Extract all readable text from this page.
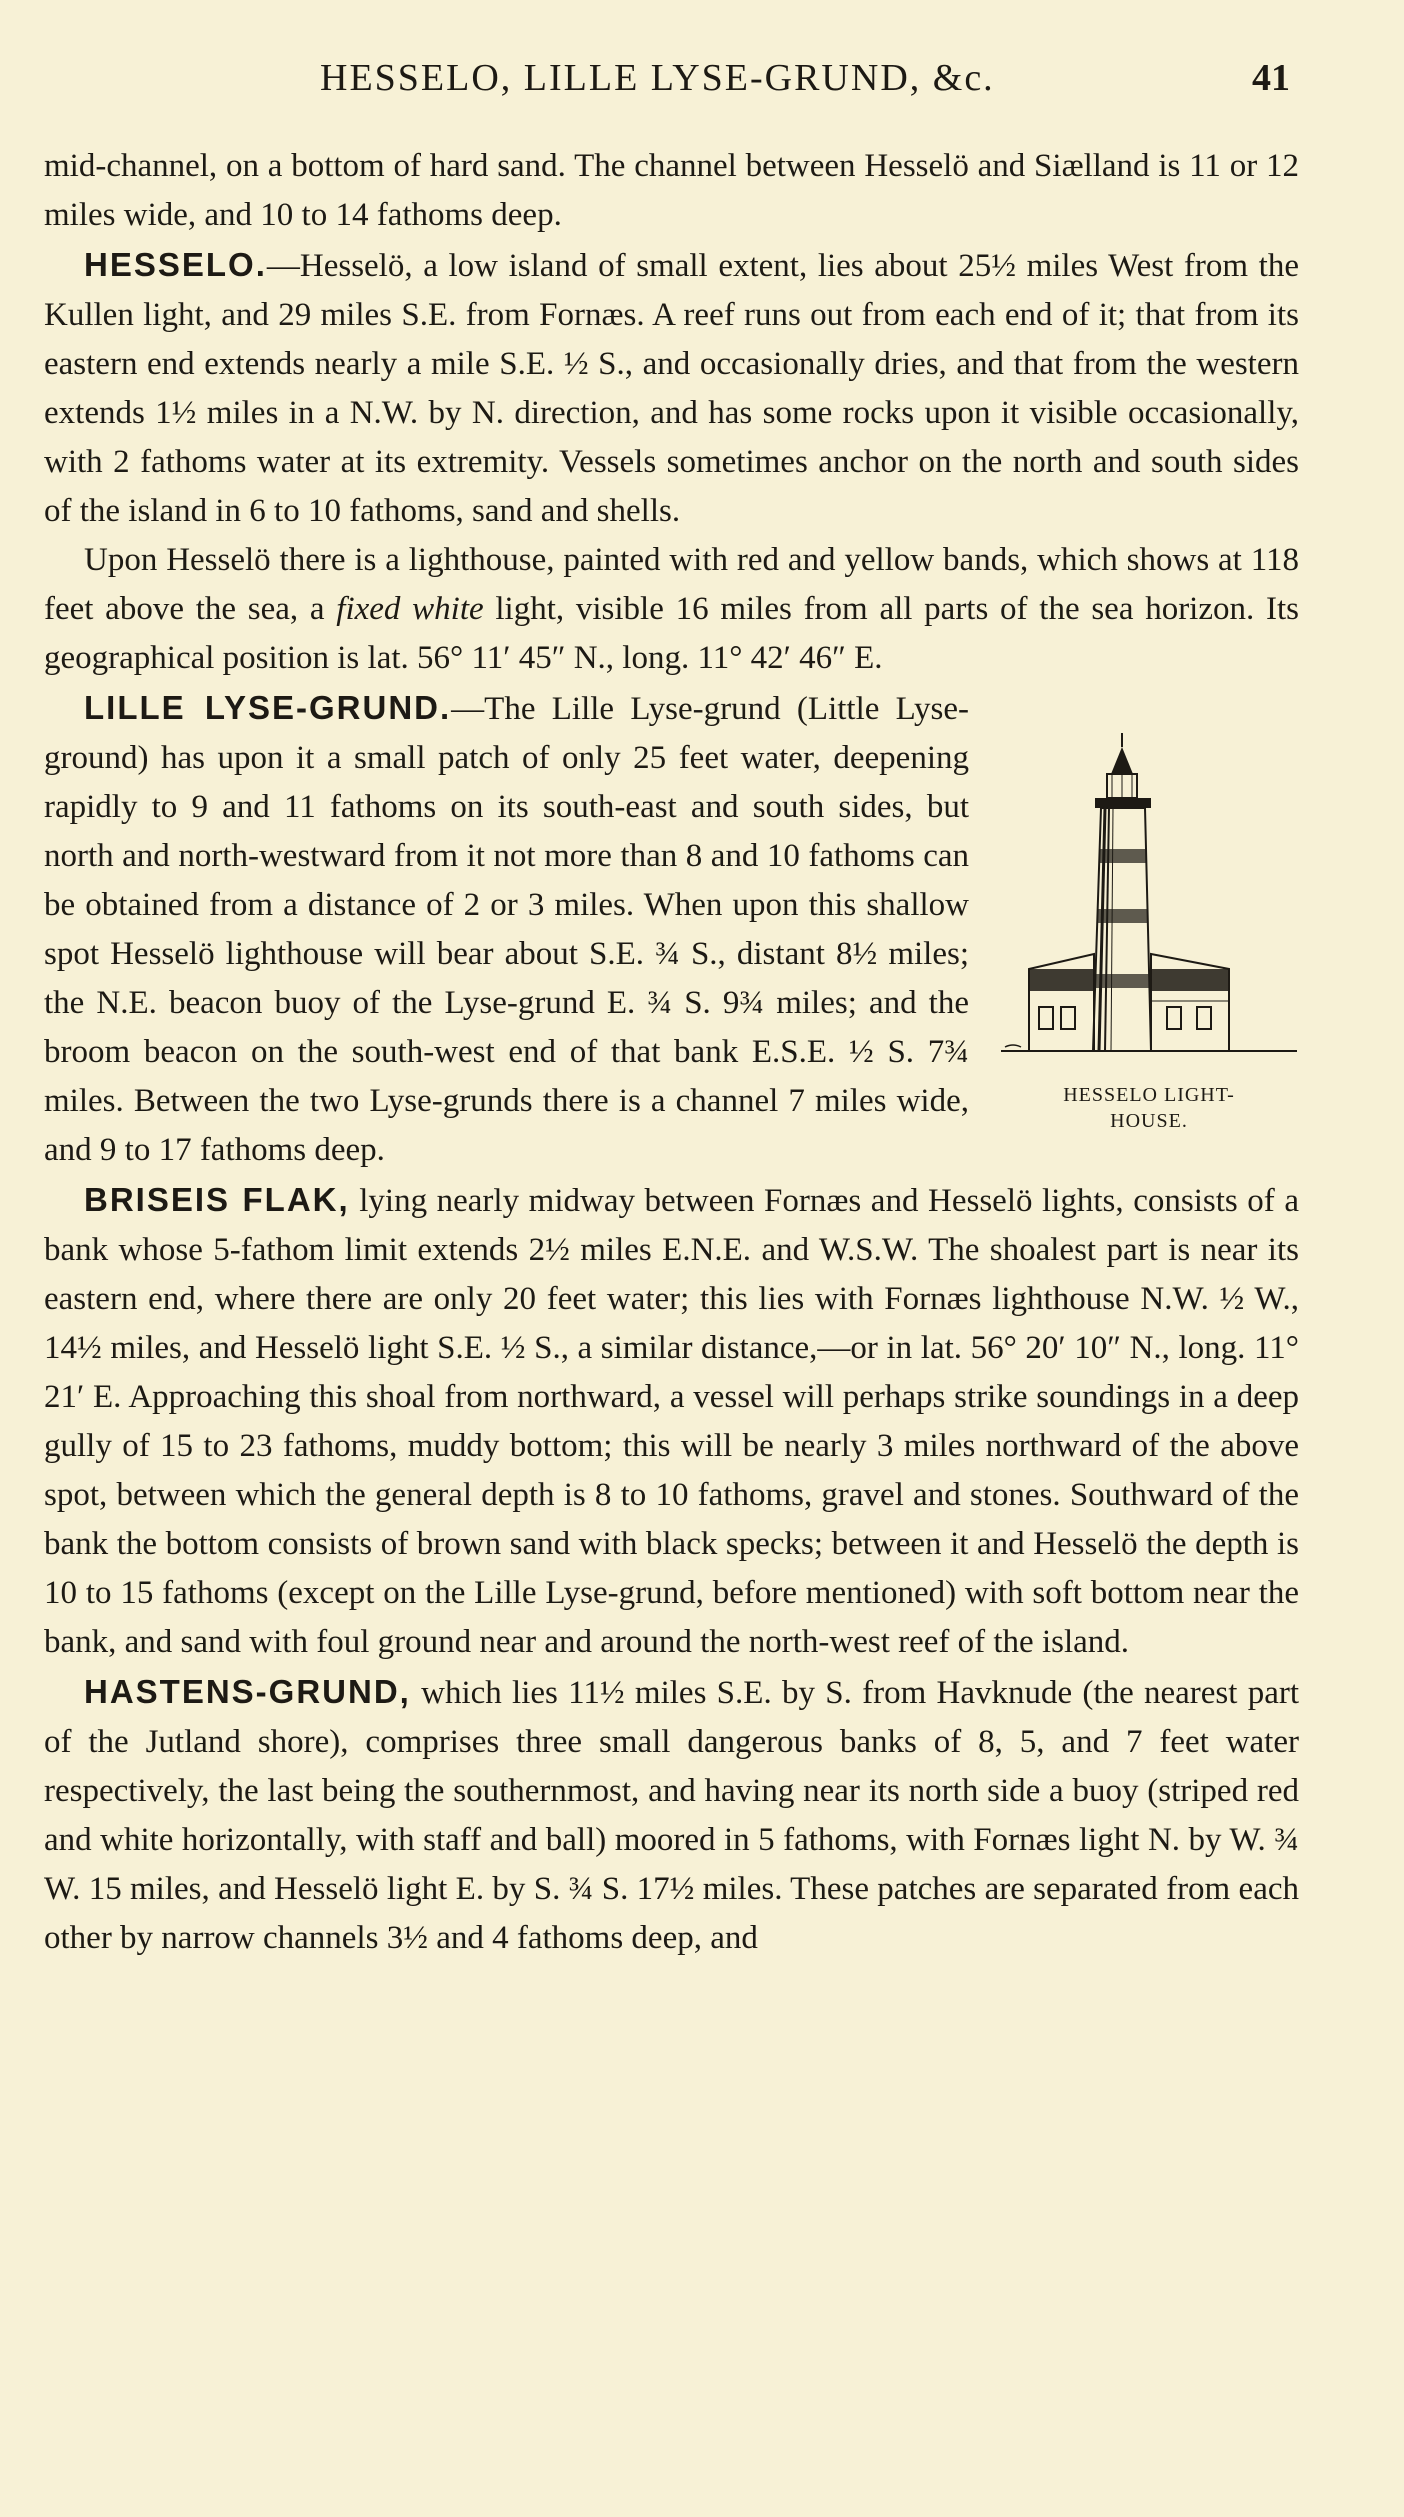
HESSELO, LILLE LYSE-GRUND, &c.	41

mid-channel, on a bottom of hard sand. The channel between Hesselö and Siælland is 11 or 12 miles wide, and 10 to 14 fathoms deep.

HESSELO.—Hesselö, a low island of small extent, lies about 25½ miles West from the Kullen light, and 29 miles S.E. from Fornæs. A reef runs out from each end of it; that from its eastern end extends nearly a mile S.E. ½ S., and occasionally dries, and that from the western extends 1½ miles in a N.W. by N. direction, and has some rocks upon it visible occasionally, with 2 fathoms water at its extremity. Vessels sometimes anchor on the north and south sides of the island in 6 to 10 fathoms, sand and shells.

Upon Hesselö there is a lighthouse, painted with red and yellow bands, which shows at 118 feet above the sea, a fixed white light, visible 16 miles from all parts of the sea horizon. Its geographical position is lat. 56° 11′ 45″ N., long. 11° 42′ 46″ E.

HESSELO LIGHT-
HOUSE.

LILLE LYSE-GRUND.—The Lille Lyse-grund (Little Lyse-ground) has upon it a small patch of only 25 feet water, deepening rapidly to 9 and 11 fathoms on its south-east and south sides, but north and north-westward from it not more than 8 and 10 fathoms can be obtained from a distance of 2 or 3 miles. When upon this shallow spot Hesselö lighthouse will bear about S.E. ¾ S., distant 8½ miles; the N.E. beacon buoy of the Lyse-grund E. ¾ S. 9¾ miles; and the broom beacon on the south-west end of that bank E.S.E. ½ S. 7¾ miles. Between the two Lyse-grunds there is a channel 7 miles wide, and 9 to 17 fathoms deep.

BRISEIS FLAK, lying nearly midway between Fornæs and Hesselö lights, consists of a bank whose 5-fathom limit extends 2½ miles E.N.E. and W.S.W. The shoalest part is near its eastern end, where there are only 20 feet water; this lies with Fornæs lighthouse N.W. ½ W., 14½ miles, and Hesselö light S.E. ½ S., a similar distance,—or in lat. 56° 20′ 10″ N., long. 11° 21′ E. Approaching this shoal from northward, a vessel will perhaps strike soundings in a deep gully of 15 to 23 fathoms, muddy bottom; this will be nearly 3 miles northward of the above spot, between which the general depth is 8 to 10 fathoms, gravel and stones. Southward of the bank the bottom consists of brown sand with black specks; between it and Hesselö the depth is 10 to 15 fathoms (except on the Lille Lyse-grund, before mentioned) with soft bottom near the bank, and sand with foul ground near and around the north-west reef of the island.

HASTENS-GRUND, which lies 11½ miles S.E. by S. from Havknude (the nearest part of the Jutland shore), comprises three small dangerous banks of 8, 5, and 7 feet water respectively, the last being the southernmost, and having near its north side a buoy (striped red and white horizontally, with staff and ball) moored in 5 fathoms, with Fornæs light N. by W. ¾ W. 15 miles, and Hesselö light E. by S. ¾ S. 17½ miles. These patches are separated from each other by narrow channels 3½ and 4 fathoms deep, and
